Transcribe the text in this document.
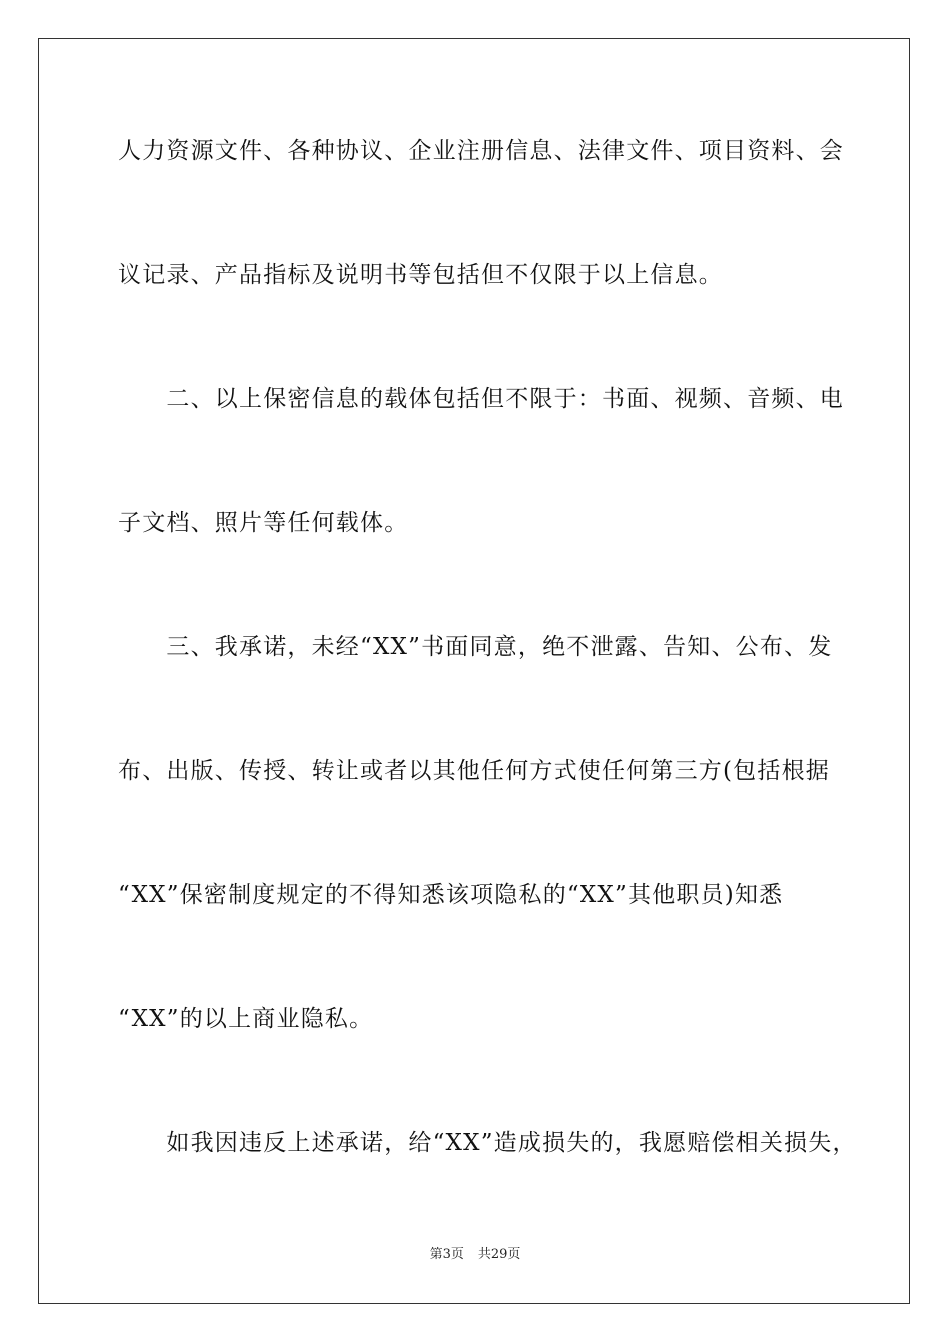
人力资源文件、各种协议、企业注册信息、法律文件、项目资料、会
议记录、产品指标及说明书等包括但不仅限于以上信息。
　　二、以上保密信息的载体包括但不限于：书面、视频、音频、电
子文档、照片等任何载体。
　　三、我承诺，未经“XX”书面同意，绝不泄露、告知、公布、发
布、出版、传授、转让或者以其他任何方式使任何第三方(包括根据
“XX”保密制度规定的不得知悉该项隐私的“XX”其他职员)知悉
“XX”的以上商业隐私。
　　如我因违反上述承诺，给“XX”造成损失的，我愿赔偿相关损失，
第3页 共29页
